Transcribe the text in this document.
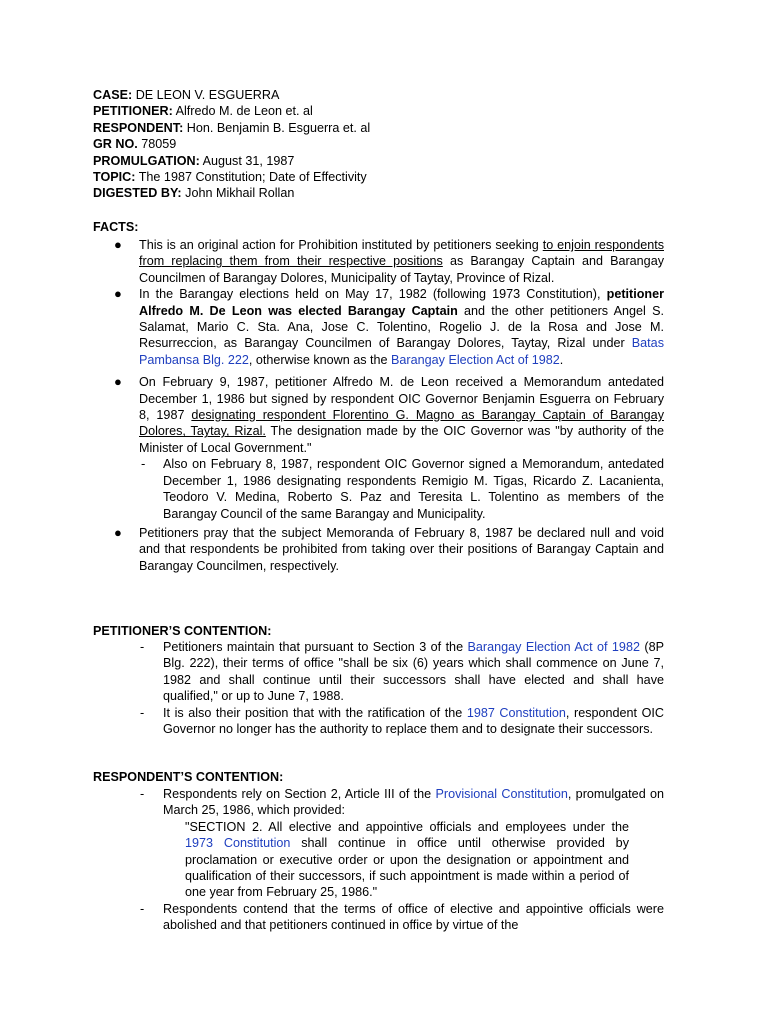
CASE: DE LEON V. ESGUERRA
PETITIONER: Alfredo M. de Leon et. al
RESPONDENT: Hon. Benjamin B. Esguerra et. al
GR NO. 78059
PROMULGATION: August 31, 1987
TOPIC: The 1987 Constitution; Date of Effectivity
DIGESTED BY: John Mikhail Rollan
FACTS:
● This is an original action for Prohibition instituted by petitioners seeking to enjoin respondents from replacing them from their respective positions as Barangay Captain and Barangay Councilmen of Barangay Dolores, Municipality of Taytay, Province of Rizal.
● In the Barangay elections held on May 17, 1982 (following 1973 Constitution), petitioner Alfredo M. De Leon was elected Barangay Captain and the other petitioners Angel S. Salamat, Mario C. Sta. Ana, Jose C. Tolentino, Rogelio J. de la Rosa and Jose M. Resurreccion, as Barangay Councilmen of Barangay Dolores, Taytay, Rizal under Batas Pambansa Blg. 222, otherwise known as the Barangay Election Act of 1982.
● On February 9, 1987, petitioner Alfredo M. de Leon received a Memorandum antedated December 1, 1986 but signed by respondent OIC Governor Benjamin Esguerra on February 8, 1987 designating respondent Florentino G. Magno as Barangay Captain of Barangay Dolores, Taytay, Rizal. The designation made by the OIC Governor was "by authority of the Minister of Local Government."
- Also on February 8, 1987, respondent OIC Governor signed a Memorandum, antedated December 1, 1986 designating respondents Remigio M. Tigas, Ricardo Z. Lacanienta, Teodoro V. Medina, Roberto S. Paz and Teresita L. Tolentino as members of the Barangay Council of the same Barangay and Municipality.
● Petitioners pray that the subject Memoranda of February 8, 1987 be declared null and void and that respondents be prohibited from taking over their positions of Barangay Captain and Barangay Councilmen, respectively.
PETITIONER’S CONTENTION:
- Petitioners maintain that pursuant to Section 3 of the Barangay Election Act of 1982 (8P Blg. 222), their terms of office "shall be six (6) years which shall commence on June 7, 1982 and shall continue until their successors shall have elected and shall have qualified," or up to June 7, 1988.
- It is also their position that with the ratification of the 1987 Constitution, respondent OIC Governor no longer has the authority to replace them and to designate their successors.
RESPONDENT’S CONTENTION:
- Respondents rely on Section 2, Article III of the Provisional Constitution, promulgated on March 25, 1986, which provided:
"SECTION 2. All elective and appointive officials and employees under the 1973 Constitution shall continue in office until otherwise provided by proclamation or executive order or upon the designation or appointment and qualification of their successors, if such appointment is made within a period of one year from February 25, 1986."
- Respondents contend that the terms of office of elective and appointive officials were abolished and that petitioners continued in office by virtue of the
